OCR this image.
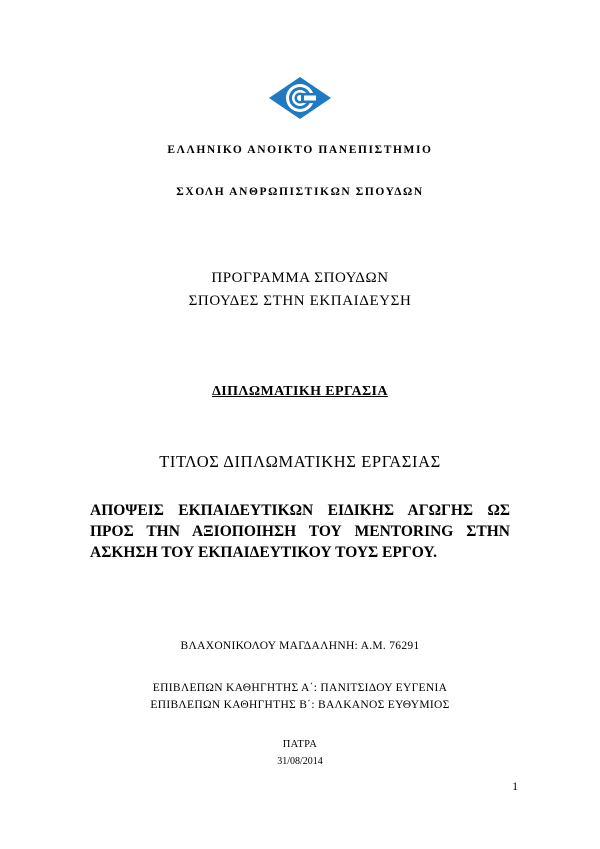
ΕΛΛΗΝΙΚΟ ΑΝΟΙΚΤΟ ΠΑΝΕΠΙΣΤΗΜΙΟ
ΣΧΟΛΗ ΑΝΘΡΩΠΙΣΤΙΚΩΝ ΣΠΟΥΔΩΝ
ΠΡΟΓΡΑΜΜΑ ΣΠΟΥΔΩΝ
ΣΠΟΥΔΕΣ ΣΤΗΝ ΕΚΠΑΙΔΕΥΣΗ
ΔΙΠΛΩΜΑΤΙΚΗ ΕΡΓΑΣΙΑ
ΤΙΤΛΟΣ ΔΙΠΛΩΜΑΤΙΚΗΣ ΕΡΓΑΣΙΑΣ
ΑΠΟΨΕΙΣ ΕΚΠΑΙΔΕΥΤΙΚΩΝ ΕΙΔΙΚΗΣ ΑΓΩΓΗΣ ΩΣ
ΠΡΟΣ ΤΗΝ ΑΞΙΟΠΟΙΗΣΗ ΤΟΥ MENTORING ΣΤΗΝ
ΑΣΚΗΣΗ ΤΟΥ ΕΚΠΑΙΔΕΥΤΙΚΟΥ ΤΟΥΣ ΕΡΓΟΥ.
ΒΛΑΧΟΝΙΚΟΛΟΥ ΜΑΓΔΑΛΗΝΗ: Α.Μ. 76291
ΕΠΙΒΛΕΠΩΝ ΚΑΘΗΓΗΤΗΣ Α΄: ΠΑΝΙΤΣΙΔΟΥ ΕΥΓΕΝΙΑ
ΕΠΙΒΛΕΠΩΝ ΚΑΘΗΓΗΤΗΣ Β΄: ΒΑΛΚΑΝΟΣ ΕΥΘΥΜΙΟΣ
ΠΑΤΡΑ
31/08/2014
1
